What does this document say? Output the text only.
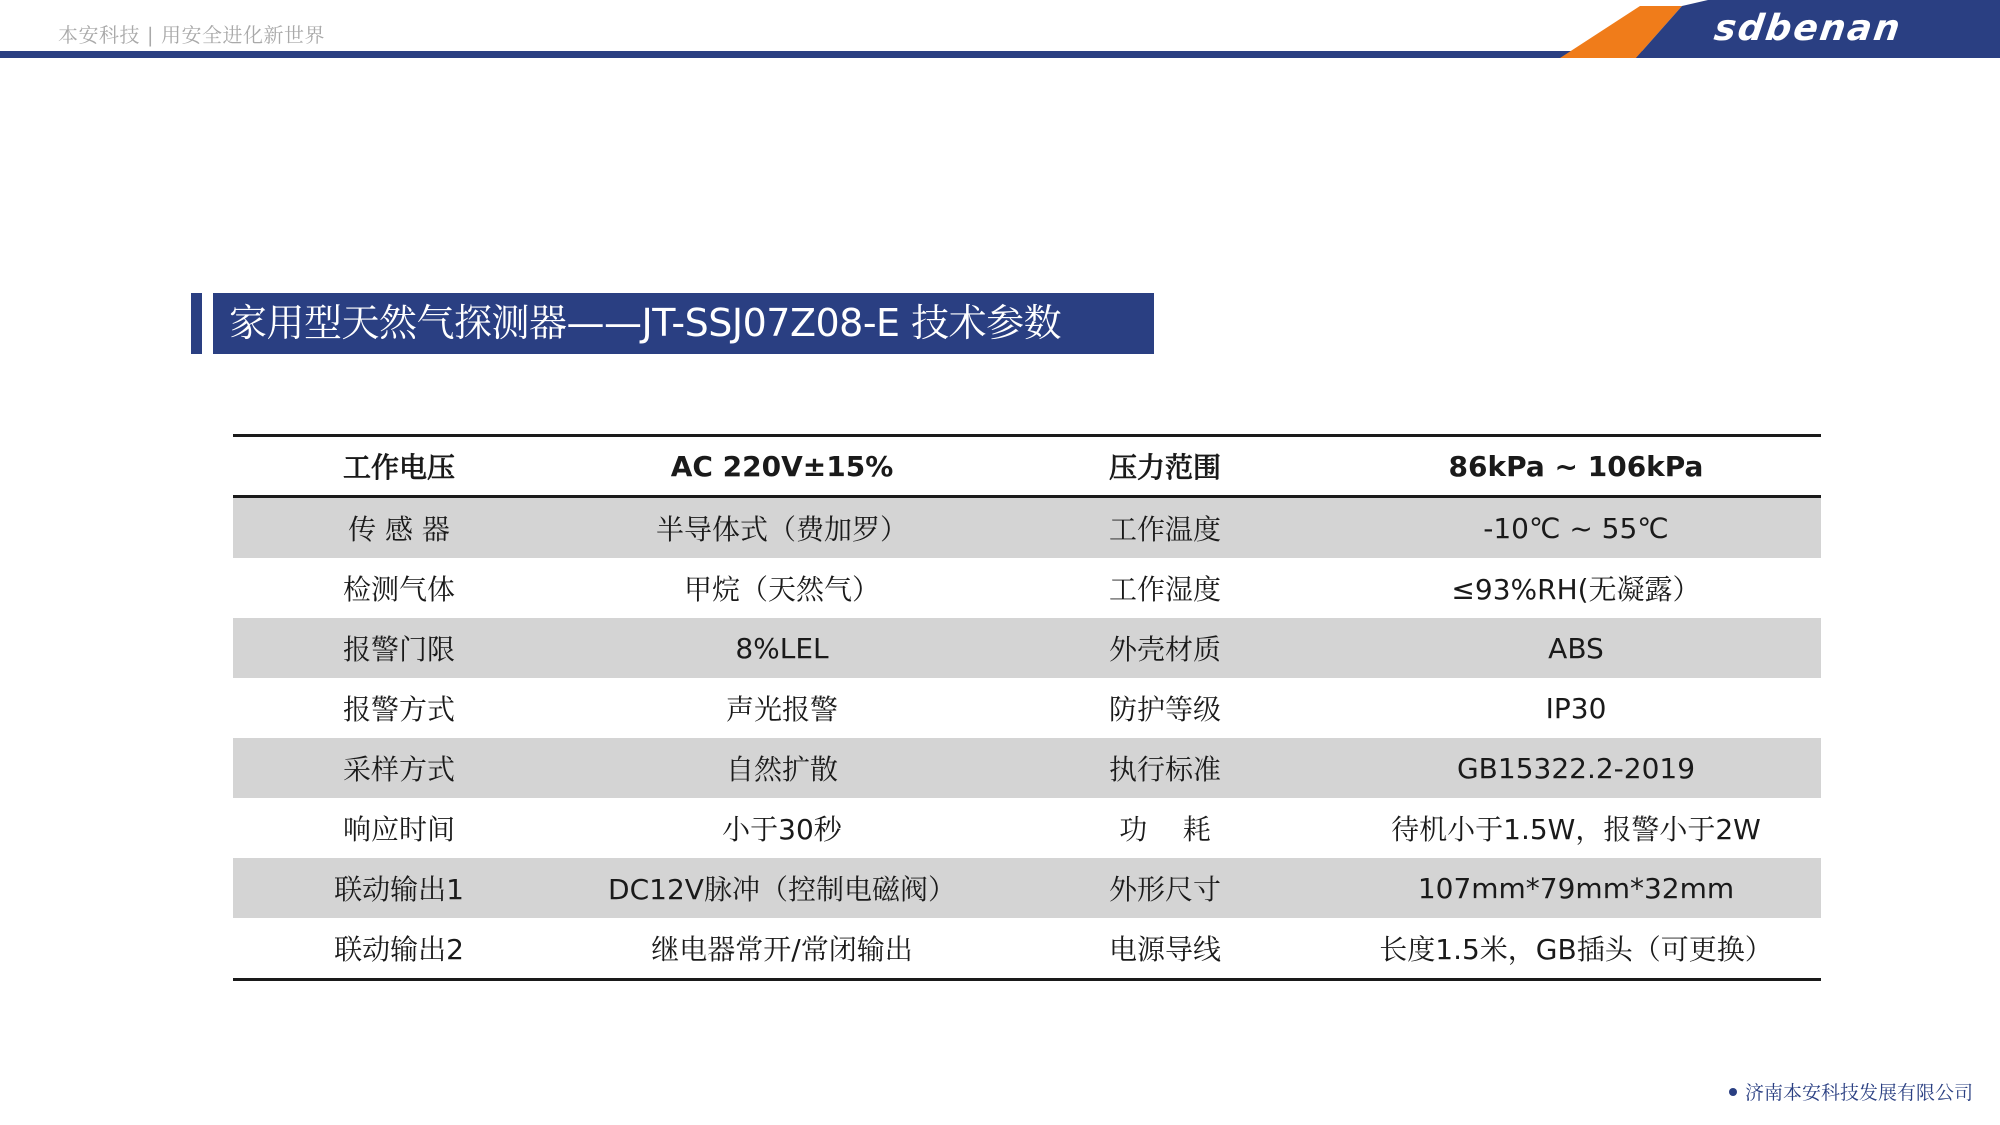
本安科技 | 用安全进化新世界	sdbenan
家用型天然气探测器——JT-SSJ07Z08-E 技术参数
工作电压	AC 220V±15%	压力范围	86kPa ~ 106kPa
传 感 器	半导体式（费加罗）	工作温度	-10℃ ~ 55℃
检测气体	甲烷（天然气）	工作湿度	≤93%RH(无凝露）
报警门限	8%LEL	外壳材质	ABS
报警方式	声光报警	防护等级	IP30
采样方式	自然扩散	执行标准	GB15322.2-2019
响应时间	小于30秒	功    耗	待机小于1.5W，报警小于2W
联动输出1	DC12V脉冲（控制电磁阀）	外形尺寸	107mm*79mm*32mm
联动输出2	继电器常开/常闭输出	电源导线	长度1.5米，GB插头（可更换）
济南本安科技发展有限公司
